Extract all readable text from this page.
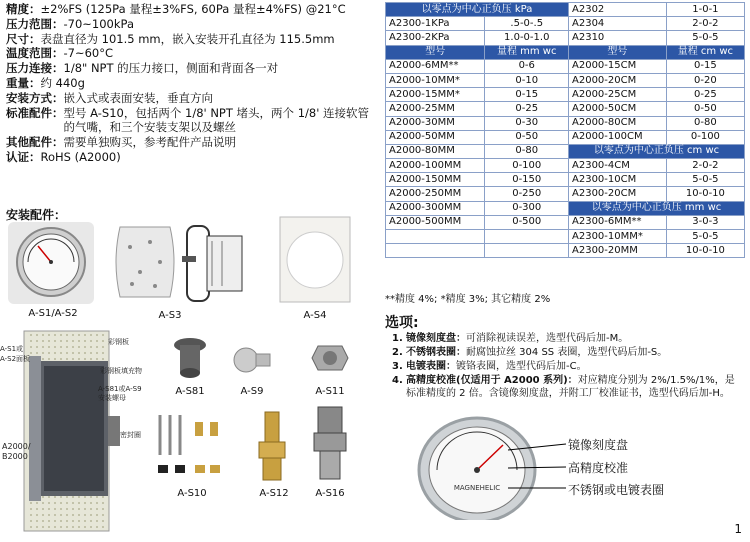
精度： ±2%FS (125Pa 量程±3%FS, 60Pa 量程±4%FS) @21°C
压力范围： -70~100kPa
尺寸： 表盘直径为 101.5 mm，嵌入安装开孔直径为 115.5mm
温度范围： -7~60°C
压力连接： 1/8" NPT 的压力接口，侧面和背面各一对
重量： 约 440g
安装方式： 嵌入式或表面安装，垂直方向
标准配件： 型号 A-S10，包括两个 1/8' NPT 堵头，两个 1/8' 连接软管的气嘴，和三个安装支架以及螺丝
其他配件： 需要单独购买，参考配件产品说明
认证： RoHS (A2000)
安装配件：
A-S1/A-S2	A-S3	A-S4
A-S1或
A-S2面板
彩钢板
彩钢板填充物
A-S81或A-S9
安装螺母
密封圈
A2000/
B2000
A-S81	A-S9	A-S11
A-S10	A-S12	A-S16
以零点为中心正负压 kPa		A2302	1-0-1
A2300-1KPa	.5-0-.5	A2304	2-0-2
A2300-2KPa	1.0-0-1.0	A2310	5-0-5
型号	量程 mm wc	型号	量程 cm wc
A2000-6MM**	0-6	A2000-15CM	0-15
A2000-10MM*	0-10	A2000-20CM	0-20
A2000-15MM*	0-15	A2000-25CM	0-25
A2000-25MM	0-25	A2000-50CM	0-50
A2000-30MM	0-30	A2000-80CM	0-80
A2000-50MM	0-50	A2000-100CM	0-100
A2000-80MM	0-80	以零点为中心正负压 cm wc	
A2000-100MM	0-100	A2300-4CM	2-0-2
A2000-150MM	0-150	A2300-10CM	5-0-5
A2000-250MM	0-250	A2300-20CM	10-0-10
A2000-300MM	0-300	以零点为中心正负压 mm wc	
A2000-500MM	0-500	A2300-6MM**	3-0-3
		A2300-10MM*	5-0-5
		A2300-20MM	10-0-10
**精度 4%; *精度 3%; 其它精度 2%
选项:
1. 镜像刻度盘：可消除视读误差，选型代码后加-M。
2. 不锈钢表圈：耐腐蚀拉丝 304 SS 表圈，选型代码后加-S。
3. 电镀表圈：镀铬表圈，选型代码后加-C。
4. 高精度校准(仅适用于 A2000 系列)：对应精度分别为 2%/1.5%/1%，是标准精度的 2 倍。含镜像刻度盘，并附工厂校准证书，选型代码后加-H。
MAGNEHELIC
镜像刻度盘
高精度校准
不锈钢或电镀表圈
1
